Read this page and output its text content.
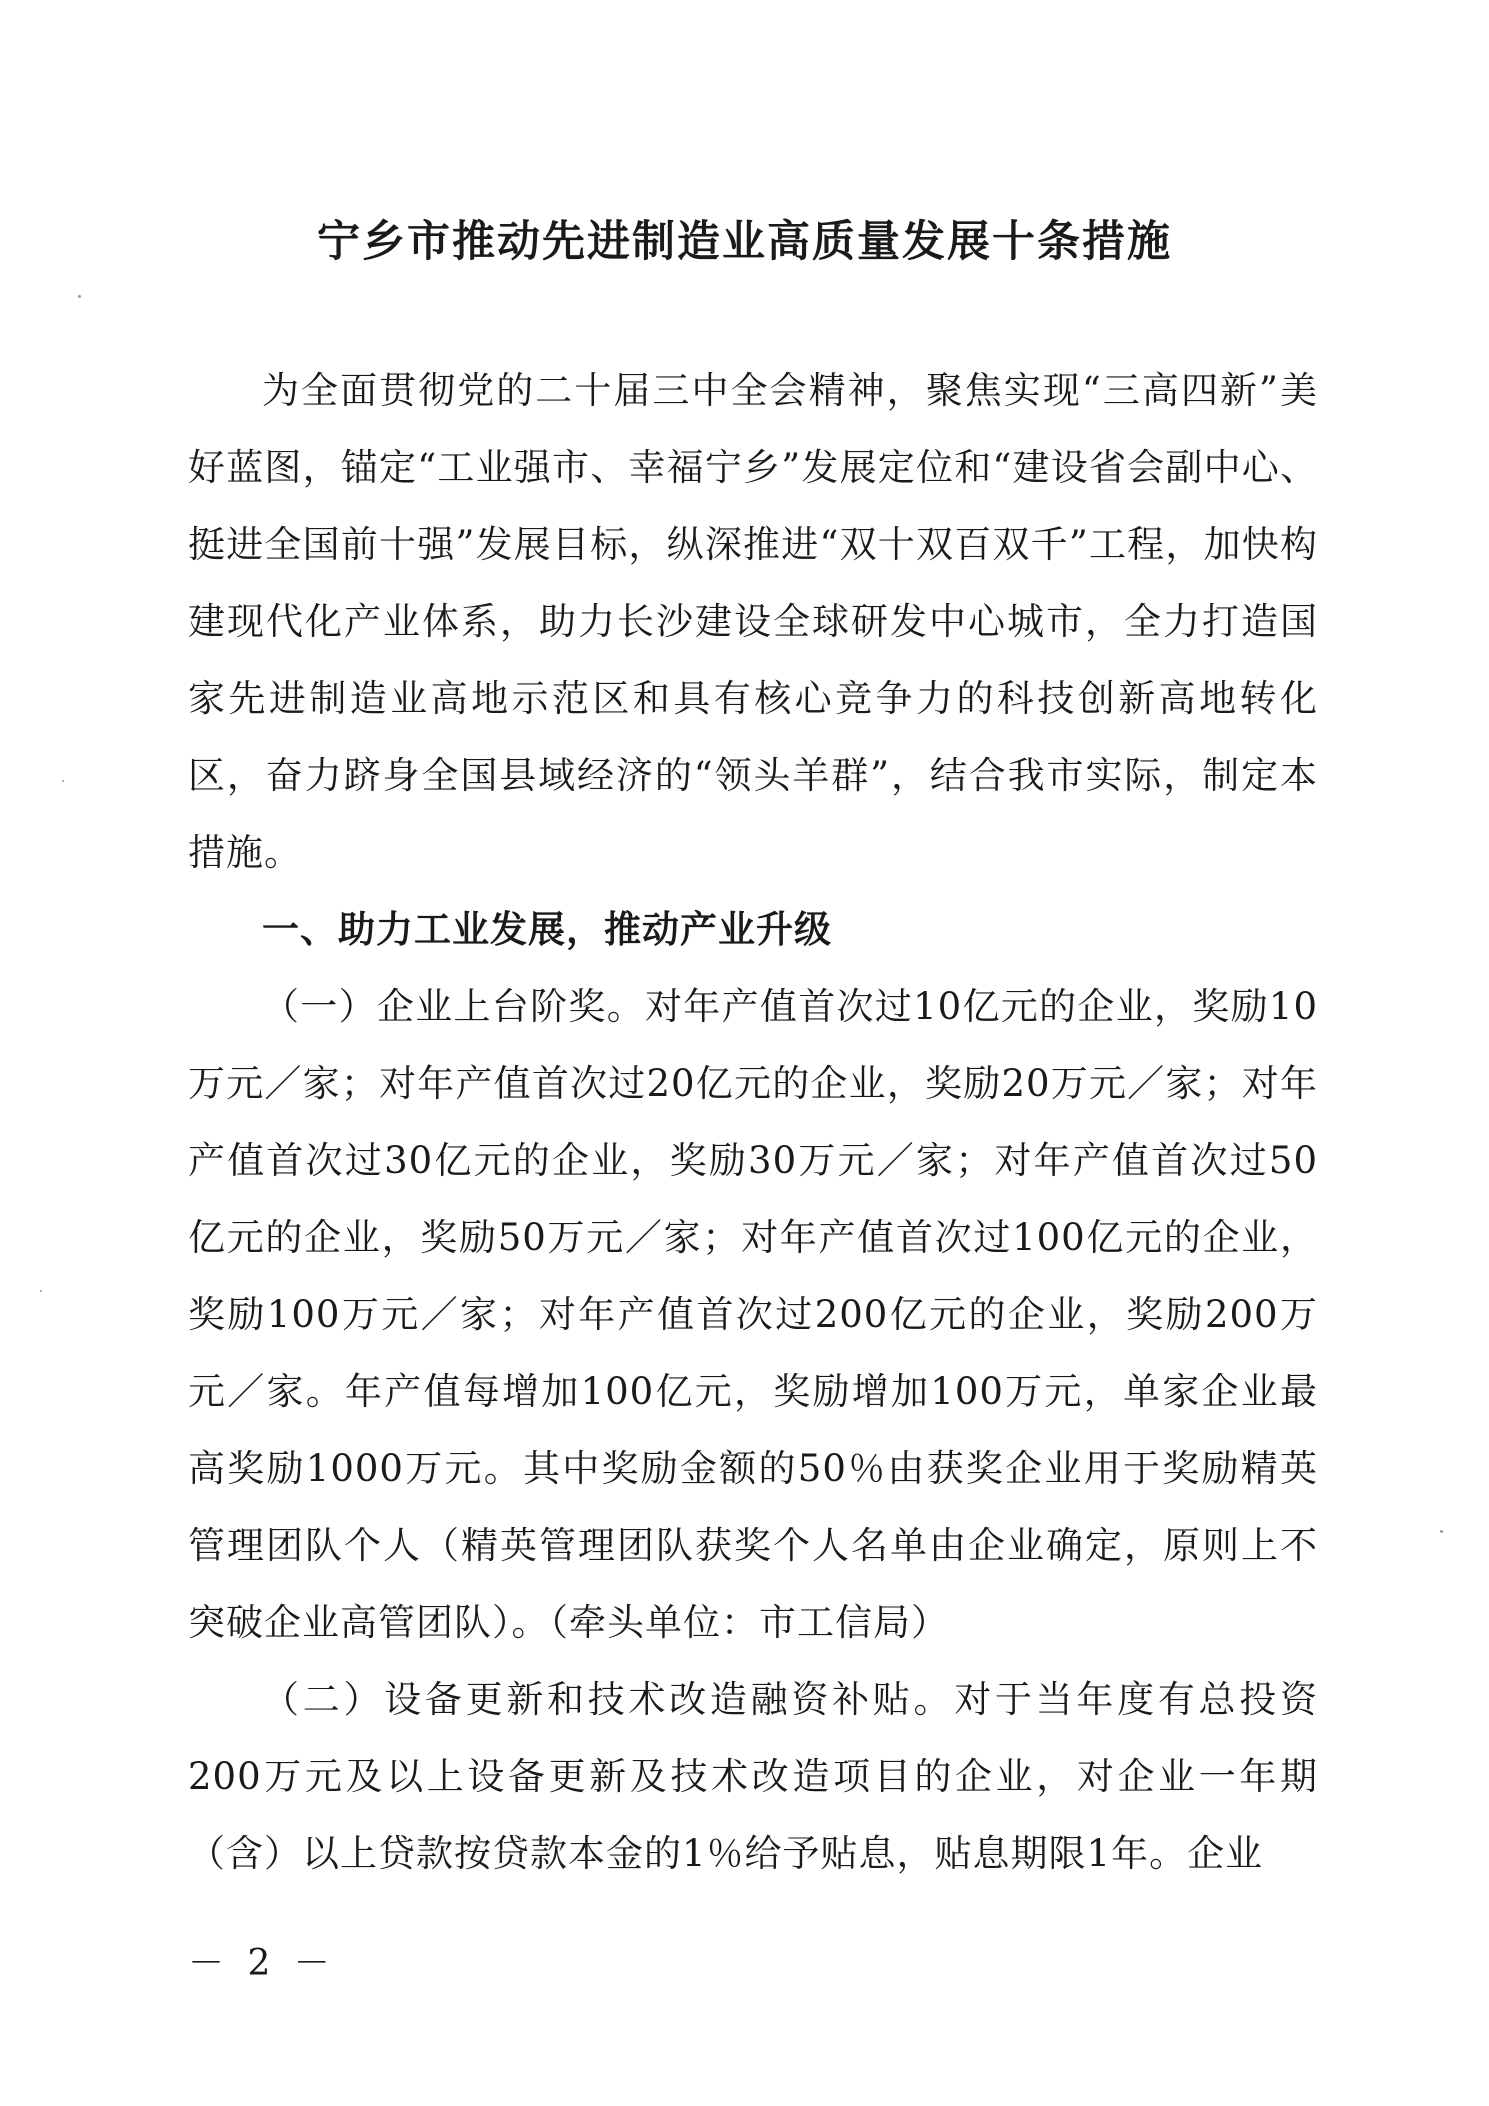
宁乡市推动先进制造业高质量发展十条措施

为全面贯彻党的二十届三中全会精神，聚焦实现“三高四新”美好蓝图，锚定“工业强市、幸福宁乡”发展定位和“建设省会副中心、挺进全国前十强”发展目标，纵深推进“双十双百双千”工程，加快构建现代化产业体系，助力长沙建设全球研发中心城市，全力打造国家先进制造业高地示范区和具有核心竞争力的科技创新高地转化区，奋力跻身全国县域经济的“领头羊群”，结合我市实际，制定本措施。

一、助力工业发展，推动产业升级

（一）企业上台阶奖。对年产值首次过10亿元的企业，奖励10万元／家；对年产值首次过20亿元的企业，奖励20万元／家；对年产值首次过30亿元的企业，奖励30万元／家；对年产值首次过50亿元的企业，奖励50万元／家；对年产值首次过100亿元的企业，奖励100万元／家；对年产值首次过200亿元的企业，奖励200万元／家。年产值每增加100亿元，奖励增加100万元，单家企业最高奖励1000万元。其中奖励金额的50％由获奖企业用于奖励精英管理团队个人（精英管理团队获奖个人名单由企业确定，原则上不突破企业高管团队）。（牵头单位：市工信局）

（二）设备更新和技术改造融资补贴。对于当年度有总投资200万元及以上设备更新及技术改造项目的企业，对企业一年期（含）以上贷款按贷款本金的1％给予贴息，贴息期限1年。企业

－ 2 －
